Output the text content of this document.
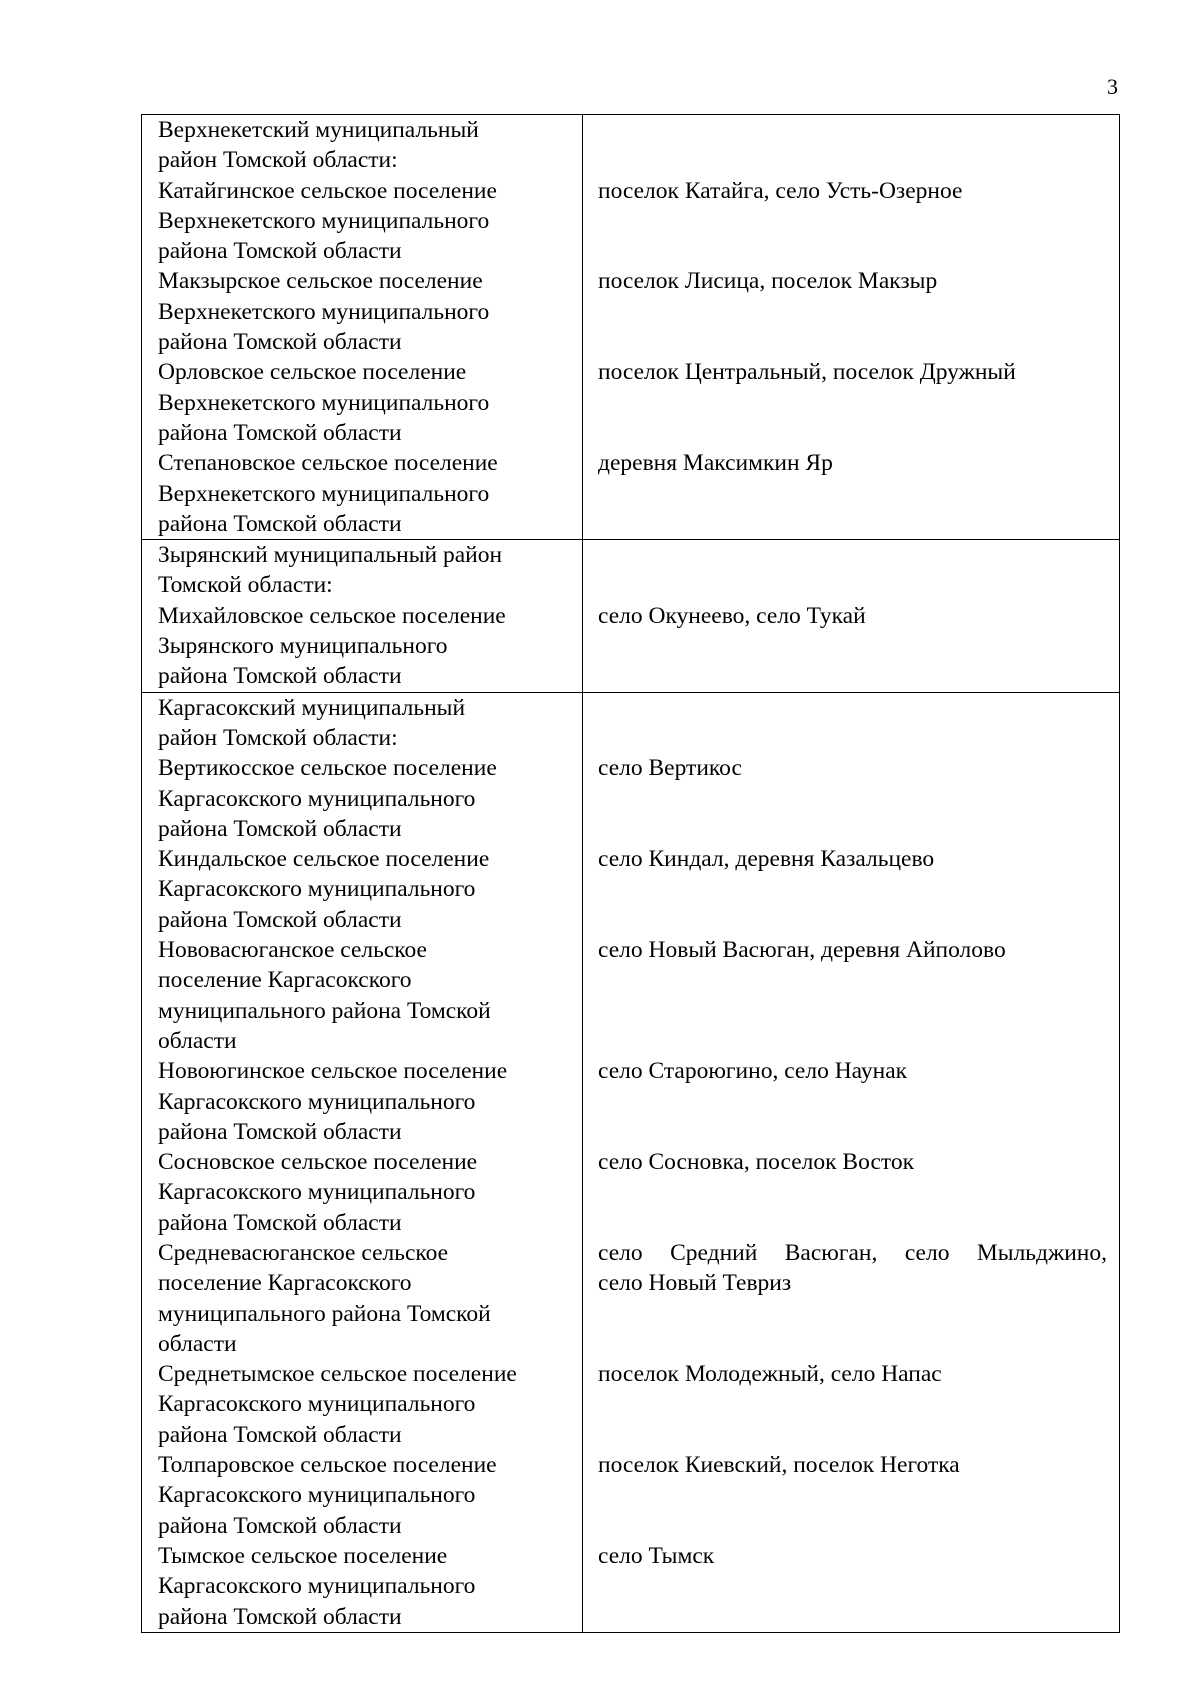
3
Верхнекетский муниципальный
район Томской области:
Катайгинское сельское поселение
Верхнекетского муниципального
района Томской области
Макзырское сельское поселение
Верхнекетского муниципального
района Томской области
Орловское сельское поселение
Верхнекетского муниципального
района Томской области
Степановское сельское поселение
Верхнекетского муниципального
района Томской области
поселок Катайга, село Усть-Озерное
поселок Лисица, поселок Макзыр
поселок Центральный, поселок Дружный
деревня Максимкин Яр
Зырянский муниципальный район
Томской области:
Михайловское сельское поселение
Зырянского муниципального
района Томской области
село Окунеево, село Тукай
Каргасокский муниципальный
район Томской области:
Вертикосское сельское поселение
Каргасокского муниципального
района Томской области
Киндальское сельское поселение
Каргасокского муниципального
района Томской области
Нововасюганское сельское
поселение Каргасокского
муниципального района Томской
области
Новоюгинское сельское поселение
Каргасокского муниципального
района Томской области
Сосновское сельское поселение
Каргасокского муниципального
района Томской области
Средневасюганское сельское
поселение Каргасокского
муниципального района Томской
области
Среднетымское сельское поселение
Каргасокского муниципального
района Томской области
Толпаровское сельское поселение
Каргасокского муниципального
района Томской области
Тымское сельское поселение
Каргасокского муниципального
района Томской области
село Вертикос
село Киндал, деревня Казальцево
село Новый Васюган, деревня Айполово
село Староюгино, село Наунак
село Сосновка, поселок Восток
село Средний Васюган, село Мыльджино,
село Новый Тевриз
поселок Молодежный, село Напас
поселок Киевский, поселок Неготка
село Тымск
